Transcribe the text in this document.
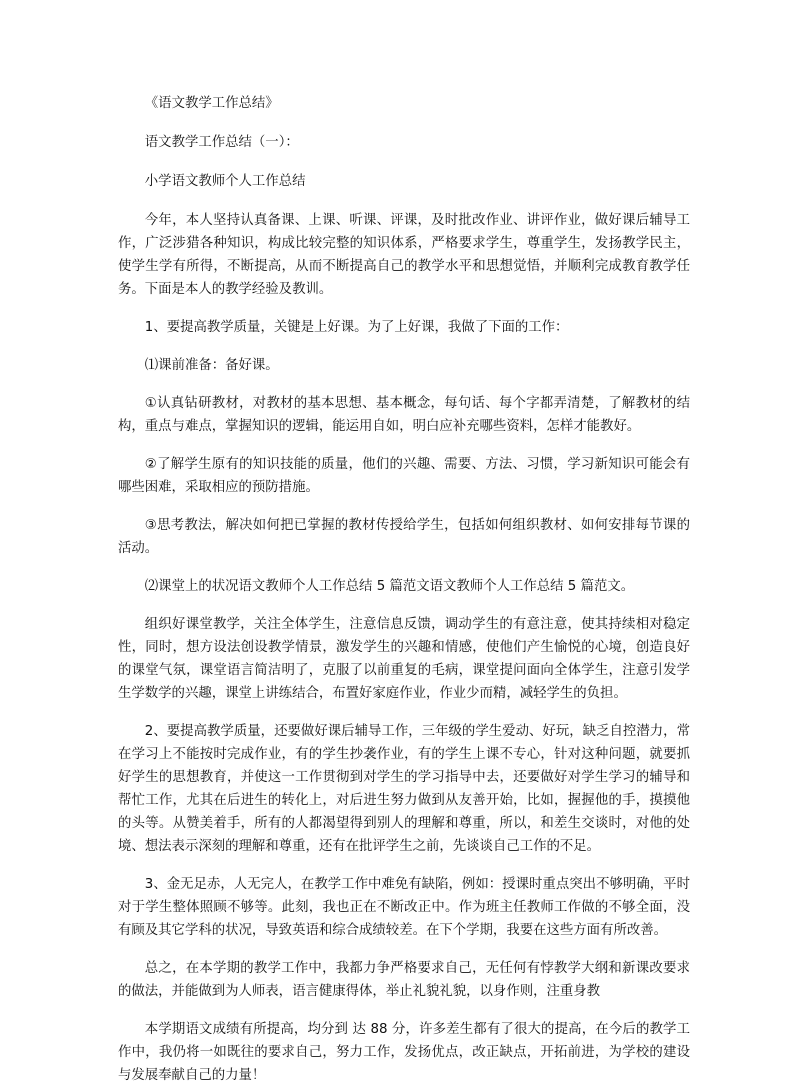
《语文教学工作总结》

语文教学工作总结（一）：

小学语文教师个人工作总结

今年，本人坚持认真备课、上课、听课、评课，及时批改作业、讲评作业，做好课后辅导工作，广泛涉猎各种知识，构成比较完整的知识体系，严格要求学生，尊重学生，发扬教学民主，使学生学有所得，不断提高，从而不断提高自己的教学水平和思想觉悟，并顺利完成教育教学任务。下面是本人的教学经验及教训。

1、要提高教学质量，关键是上好课。为了上好课，我做了下面的工作：

⑴课前准备：备好课。

①认真钻研教材，对教材的基本思想、基本概念，每句话、每个字都弄清楚，了解教材的结构，重点与难点，掌握知识的逻辑，能运用自如，明白应补充哪些资料，怎样才能教好。

②了解学生原有的知识技能的质量，他们的兴趣、需要、方法、习惯，学习新知识可能会有哪些困难，采取相应的预防措施。

③思考教法，解决如何把已掌握的教材传授给学生，包括如何组织教材、如何安排每节课的活动。

⑵课堂上的状况语文教师个人工作总结 5 篇范文语文教师个人工作总结 5 篇范文。

组织好课堂教学，关注全体学生，注意信息反馈，调动学生的有意注意，使其持续相对稳定性，同时，想方设法创设教学情景，激发学生的兴趣和情感，使他们产生愉悦的心境，创造良好的课堂气氛，课堂语言简洁明了，克服了以前重复的毛病，课堂提问面向全体学生，注意引发学生学数学的兴趣，课堂上讲练结合，布置好家庭作业，作业少而精，减轻学生的负担。

2、要提高教学质量，还要做好课后辅导工作，三年级的学生爱动、好玩，缺乏自控潜力，常在学习上不能按时完成作业，有的学生抄袭作业，有的学生上课不专心，针对这种问题，就要抓好学生的思想教育，并使这一工作贯彻到对学生的学习指导中去，还要做好对学生学习的辅导和帮忙工作，尤其在后进生的转化上，对后进生努力做到从友善开始，比如，握握他的手，摸摸他的头等。从赞美着手，所有的人都渴望得到别人的理解和尊重，所以，和差生交谈时，对他的处境、想法表示深刻的理解和尊重，还有在批评学生之前，先谈谈自己工作的不足。

3、金无足赤，人无完人，在教学工作中难免有缺陷，例如：授课时重点突出不够明确，平时对于学生整体照顾不够等。此刻，我也正在不断改正中。作为班主任教师工作做的不够全面，没有顾及其它学科的状况，导致英语和综合成绩较差。在下个学期，我要在这些方面有所改善。

总之，在本学期的教学工作中，我都力争严格要求自己，无任何有悖教学大纲和新课改要求的做法，并能做到为人师表，语言健康得体，举止礼貌礼貌，以身作则，注重身教

本学期语文成绩有所提高，均分到 达 88 分，许多差生都有了很大的提高，在今后的教学工作中，我仍将一如既往的要求自己，努力工作，发扬优点，改正缺点，开拓前进，为学校的建设与发展奉献自己的力量！
